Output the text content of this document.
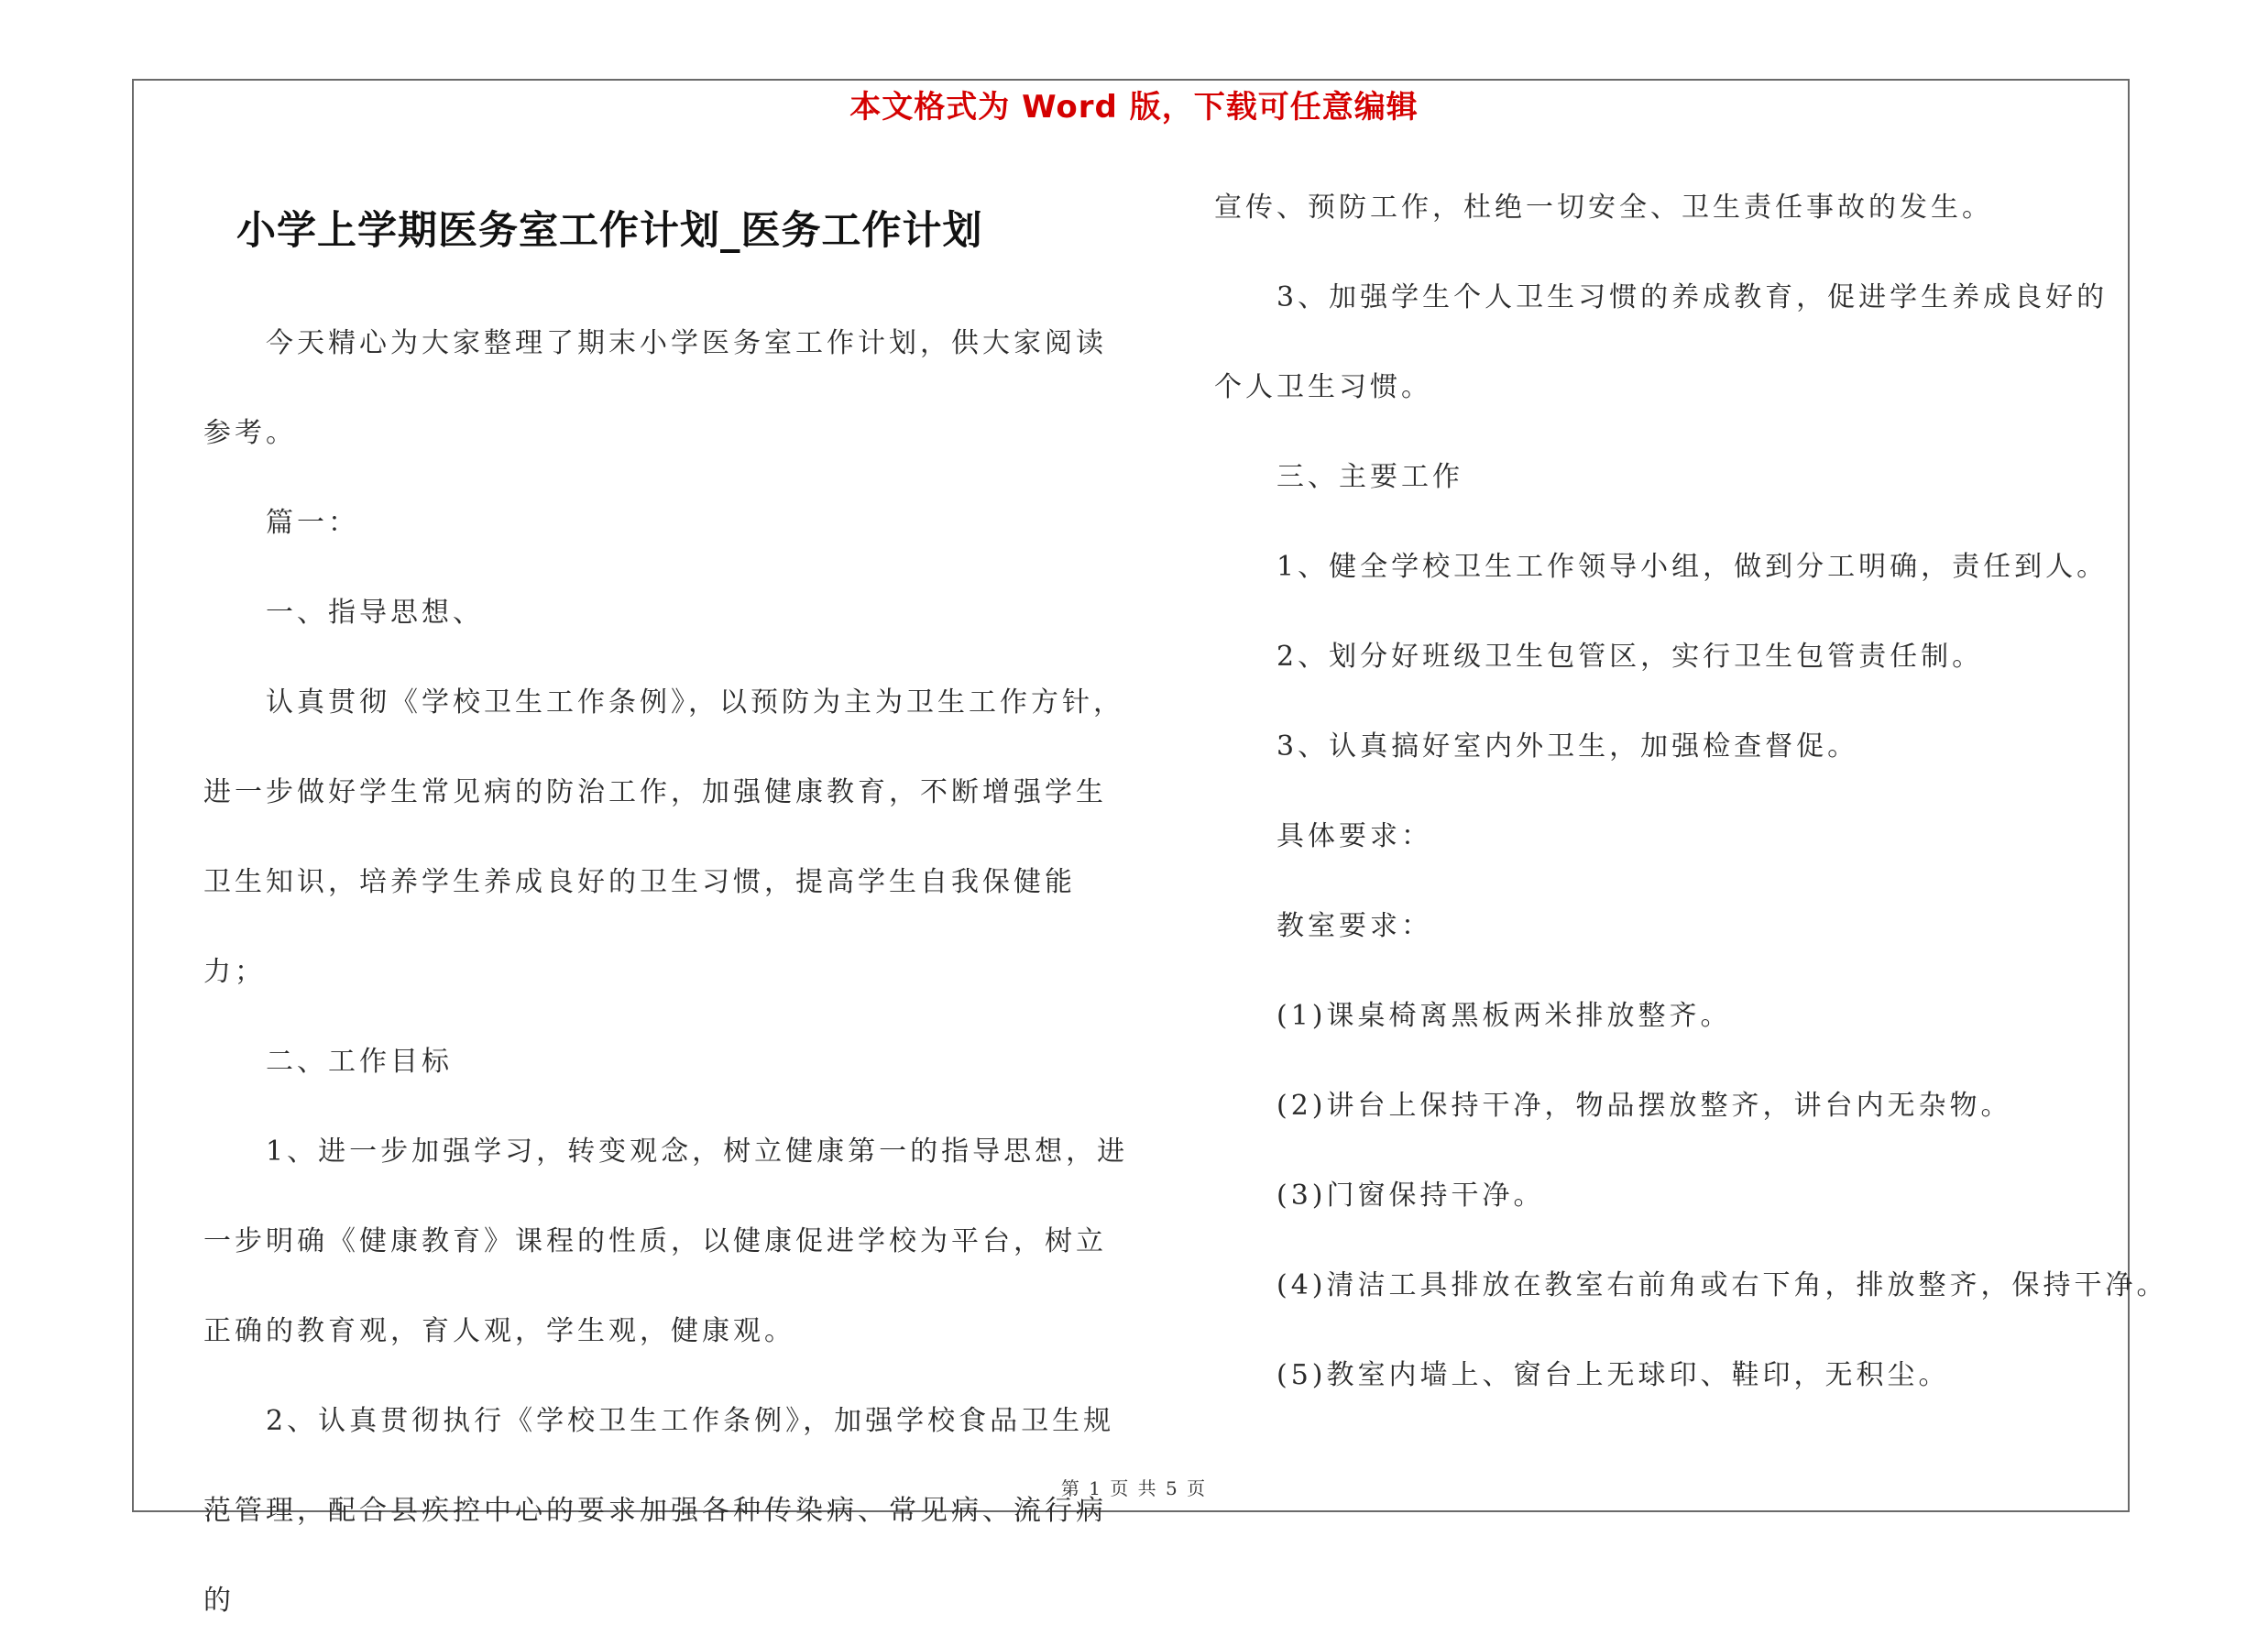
本文格式为 Word 版，下载可任意编辑
小学上学期医务室工作计划_医务工作计划

今天精心为大家整理了期末小学医务室工作计划，供大家阅读参考。

篇一：

一、指导思想、

认真贯彻《学校卫生工作条例》，以预防为主为卫生工作方针，进一步做好学生常见病的防治工作，加强健康教育，不断增强学生卫生知识，培养学生养成良好的卫生习惯，提高学生自我保健能力；

二、工作目标

1、进一步加强学习，转变观念，树立健康第一的指导思想，进一步明确《健康教育》课程的性质，以健康促进学校为平台，树立正确的教育观，育人观，学生观，健康观。

2、认真贯彻执行《学校卫生工作条例》，加强学校食品卫生规范管理，配合县疾控中心的要求加强各种传染病、常见病、流行病的

宣传、预防工作，杜绝一切安全、卫生责任事故的发生。

3、加强学生个人卫生习惯的养成教育，促进学生养成良好的个人卫生习惯。

三、主要工作

1、健全学校卫生工作领导小组，做到分工明确，责任到人。

2、划分好班级卫生包管区，实行卫生包管责任制。

3、认真搞好室内外卫生，加强检查督促。

具体要求：

教室要求：

(1)课桌椅离黑板两米排放整齐。

(2)讲台上保持干净，物品摆放整齐，讲台内无杂物。

(3)门窗保持干净。

(4)清洁工具排放在教室右前角或右下角，排放整齐，保持干净。

(5)教室内墙上、窗台上无球印、鞋印，无积尘。

第 1 页 共 5 页
